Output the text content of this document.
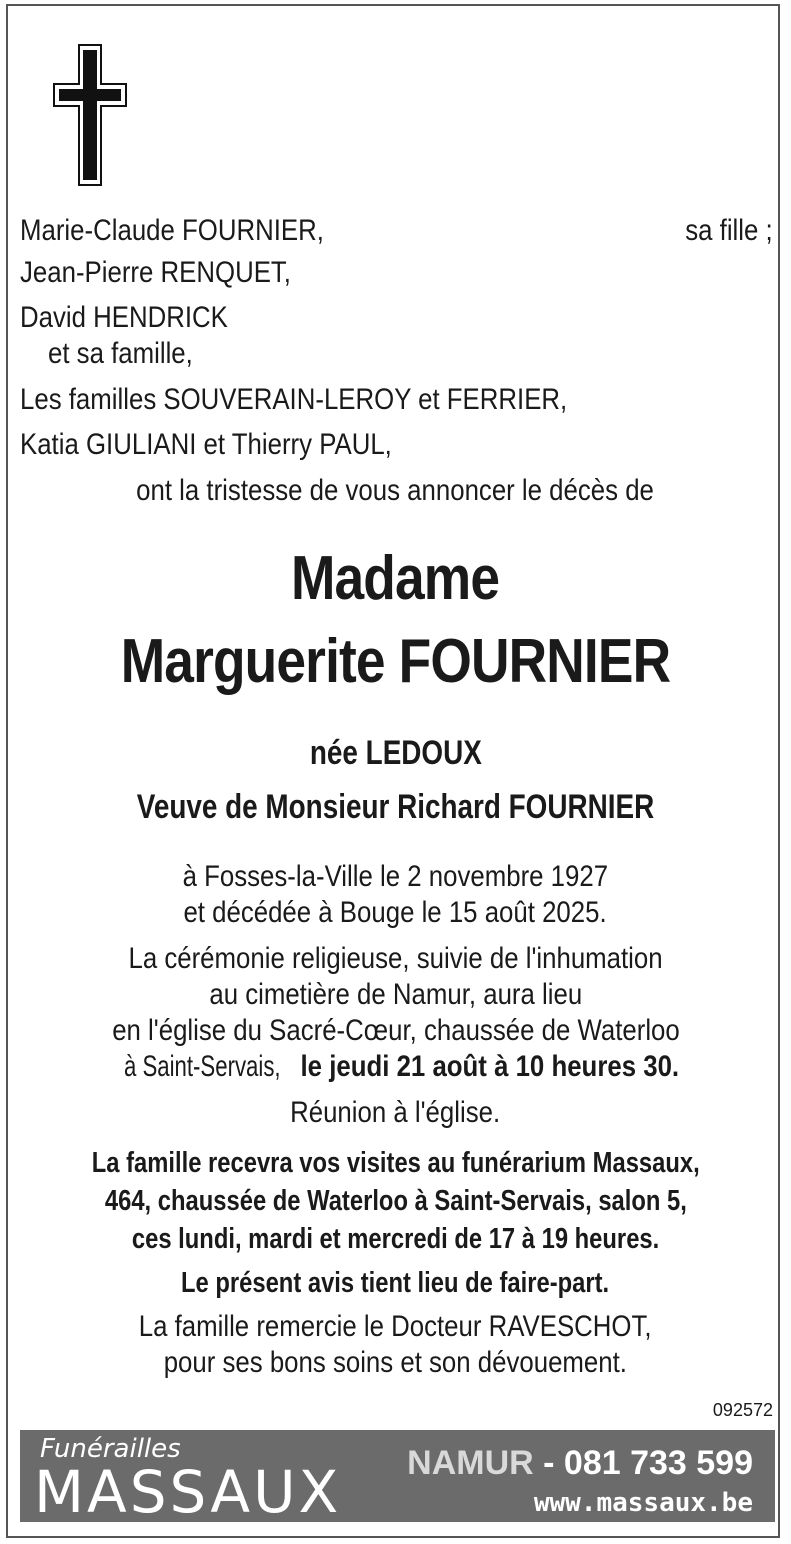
Marie-Claude FOURNIER,	sa fille ;
Jean-Pierre RENQUET,
David HENDRICK
et sa famille,
Les familles SOUVERAIN-LEROY et FERRIER,
Katia GIULIANI et Thierry PAUL,
ont la tristesse de vous annoncer le décès de
Madame
Marguerite FOURNIER
née LEDOUX
Veuve de Monsieur Richard FOURNIER
à Fosses-la-Ville le 2 novembre 1927
et décédée à Bouge le 15 août 2025.
La cérémonie religieuse, suivie de l'inhumation
au cimetière de Namur, aura lieu
en l'église du Sacré-Cœur, chaussée de Waterloo
à Saint-Servais, le jeudi 21 août à 10 heures 30.
Réunion à l'église.
La famille recevra vos visites au funérarium Massaux,
464, chaussée de Waterloo à Saint-Servais, salon 5,
ces lundi, mardi et mercredi de 17 à 19 heures.
Le présent avis tient lieu de faire-part.
La famille remercie le Docteur RAVESCHOT,
pour ses bons soins et son dévouement.
092572
Funérailles
MASSAUX NAMUR - 081 733 599
www.massaux.be
